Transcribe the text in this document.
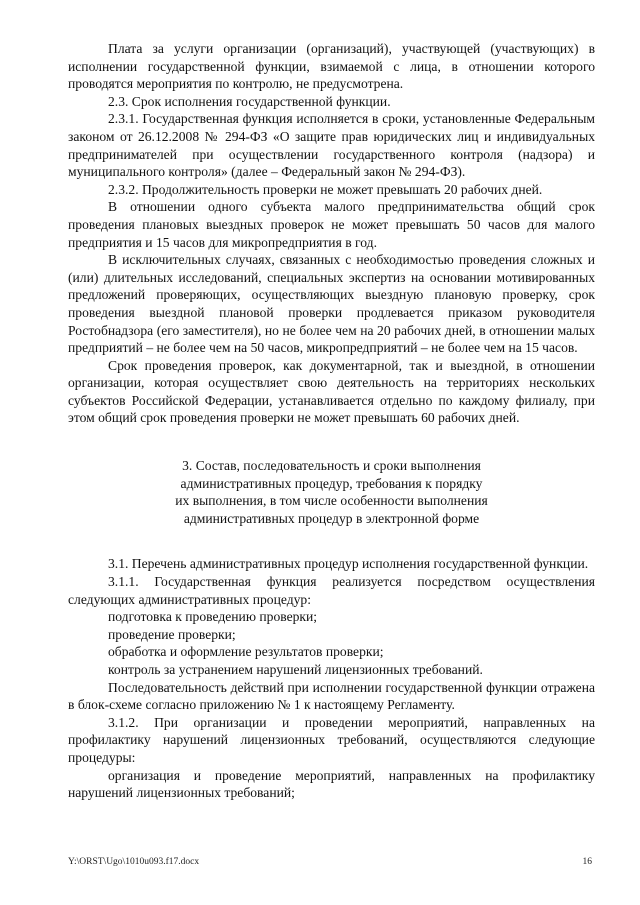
Плата за услуги организации (организаций), участвующей (участвующих) в исполнении государственной функции, взимаемой с лица, в отношении которого проводятся мероприятия по контролю, не предусмотрена.

2.3. Срок исполнения государственной функции.

2.3.1. Государственная функция исполняется в сроки, установленные Федеральным законом от 26.12.2008 № 294-ФЗ «О защите прав юридических лиц и индивидуальных предпринимателей при осуществлении государственного контроля (надзора) и муниципального контроля» (далее – Федеральный закон № 294-ФЗ).

2.3.2. Продолжительность проверки не может превышать 20 рабочих дней.

В отношении одного субъекта малого предпринимательства общий срок проведения плановых выездных проверок не может превышать 50 часов для малого предприятия и 15 часов для микропредприятия в год.

В исключительных случаях, связанных с необходимостью проведения сложных и (или) длительных исследований, специальных экспертиз на основании мотивированных предложений проверяющих, осуществляющих выездную плановую проверку, срок проведения выездной плановой проверки продлевается приказом руководителя Ростобнадзора (его заместителя), но не более чем на 20 рабочих дней, в отношении малых предприятий – не более чем на 50 часов, микропредприятий – не более чем на 15 часов.

Срок проведения проверок, как документарной, так и выездной, в отношении организации, которая осуществляет свою деятельность на территориях нескольких субъектов Российской Федерации, устанавливается отдельно по каждому филиалу, при этом общий срок проведения проверки не может превышать 60 рабочих дней.

3. Состав, последовательность и сроки выполнения
административных процедур, требования к порядку
их выполнения, в том числе особенности выполнения
административных процедур в электронной форме

3.1. Перечень административных процедур исполнения государственной функции.

3.1.1. Государственная функция реализуется посредством осуществления следующих административных процедур:

подготовка к проведению проверки;

проведение проверки;

обработка и оформление результатов проверки;

контроль за устранением нарушений лицензионных требований.

Последовательность действий при исполнении государственной функции отражена в блок-схеме согласно приложению № 1 к настоящему Регламенту.

3.1.2. При организации и проведении мероприятий, направленных на профилактику нарушений лицензионных требований, осуществляются следующие процедуры:

организация и проведение мероприятий, направленных на профилактику нарушений лицензионных требований;

Y:\ORST\Ugo\1010u093.f17.docx	16
